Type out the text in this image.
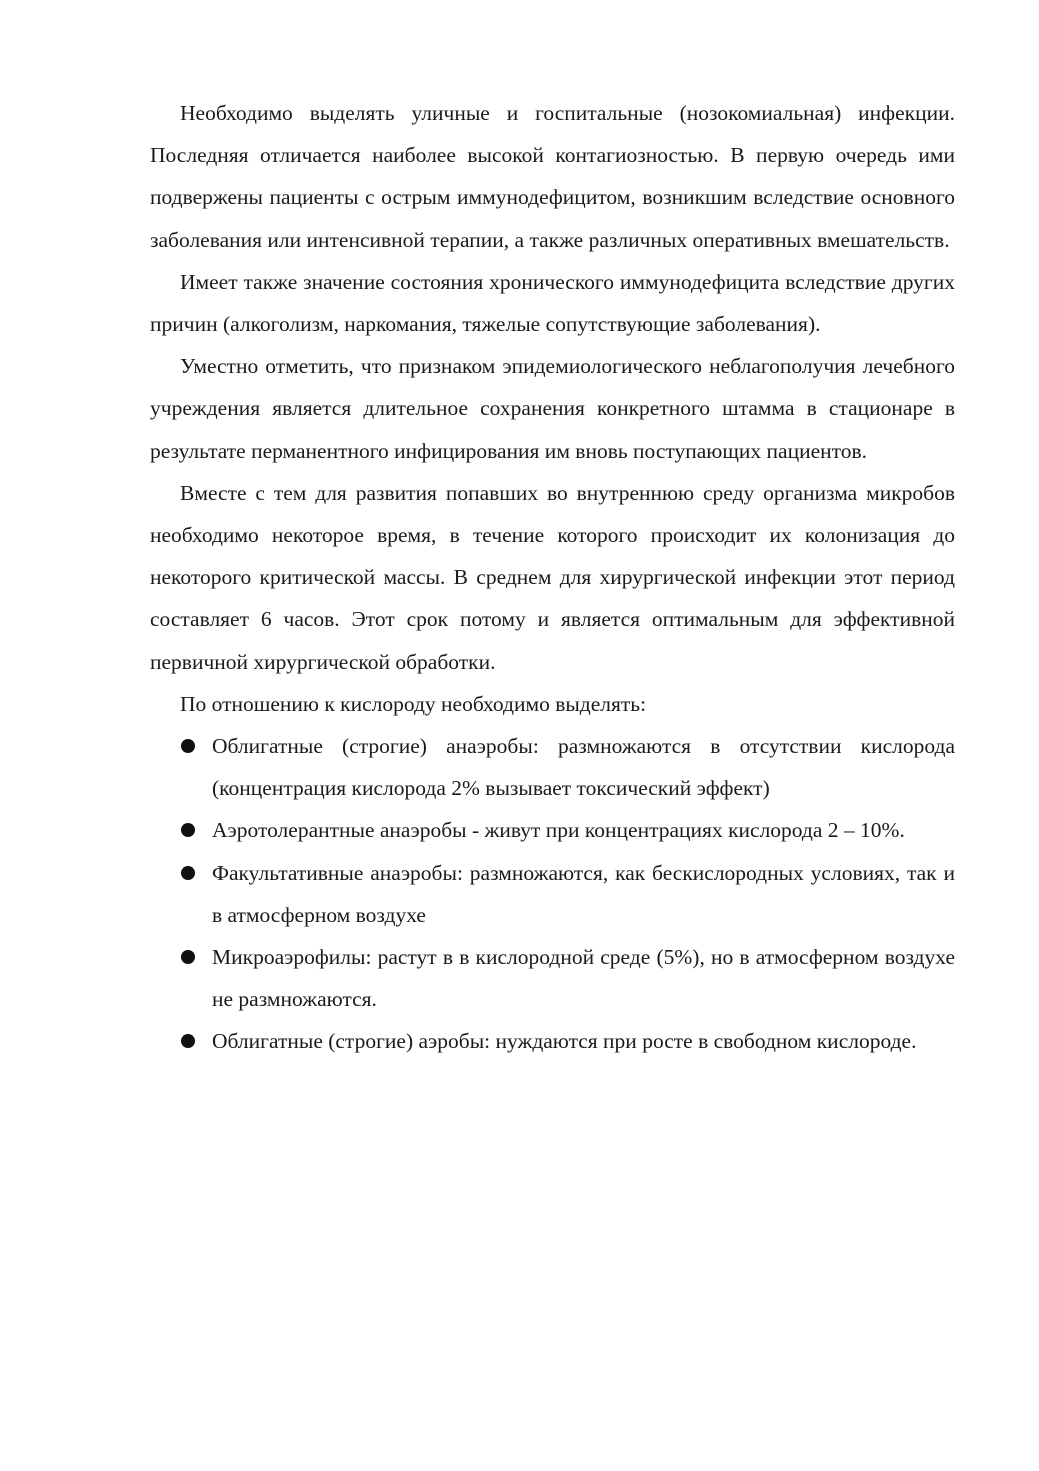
Необходимо выделять уличные и госпитальные (нозокомиальная) инфекции. Последняя отличается наиболее высокой контагиозностью. В первую очередь ими подвержены пациенты с острым иммунодефицитом, возникшим вследствие основного заболевания или интенсивной терапии, а также различных оперативных вмешательств.

Имеет также значение состояния хронического иммунодефицита вследствие других причин (алкоголизм, наркомания, тяжелые сопутствующие заболевания).

Уместно отметить, что признаком эпидемиологического неблагополучия лечебного учреждения является длительное сохранения конкретного штамма в стационаре в результате перманентного инфицирования им вновь поступающих пациентов.

Вместе с тем для развития попавших во внутреннюю среду организма микробов необходимо некоторое время, в течение которого происходит их колонизация до некоторого критической массы. В среднем для хирургической инфекции этот период составляет 6 часов. Этот срок потому и является оптимальным для эффективной первичной хирургической обработки.

По отношению к кислороду необходимо выделять:

Облигатные (строгие) анаэробы: размножаются в отсутствии кислорода (концентрация кислорода 2% вызывает токсический эффект)
Аэротолерантные анаэробы - живут при концентрациях кислорода 2 – 10%.
Факультативные анаэробы: размножаются, как бескислородных условиях, так и в атмосферном воздухе
Микроаэрофилы: растут в в кислородной среде (5%), но в атмосферном воздухе не размножаются.
Облигатные (строгие) аэробы: нуждаются при росте в свободном кислороде.
